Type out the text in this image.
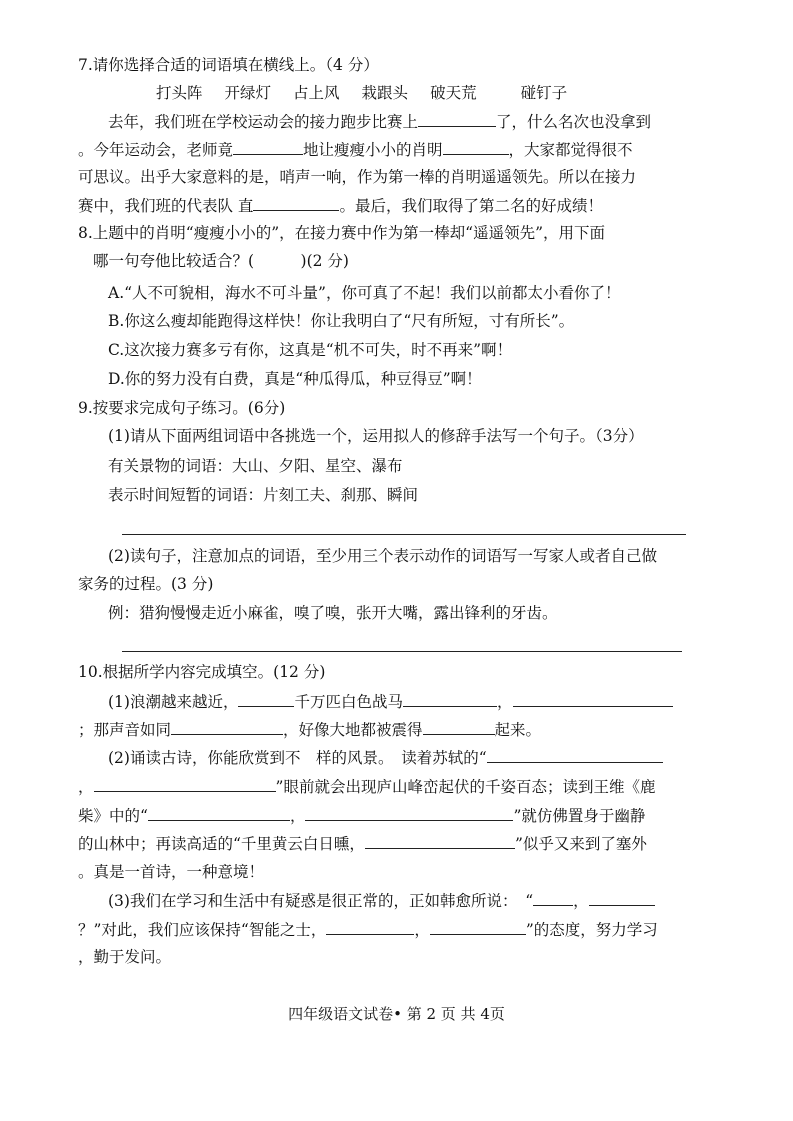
7.请你选择合适的词语填在横线上。（4 分）
打头阵 开绿灯 占上风 栽跟头 破天荒	碰钉子
去年，我们班在学校运动会的接力跑步比赛上	了，什么名次也没拿到
。今年运动会，老师竟	地让瘦瘦小小的肖明	，大家都觉得很不
可思议。出乎大家意料的是，哨声一响，作为第一棒的肖明遥遥领先。所以在接力
赛中，我们班的代表队 直	。最后，我们取得了第二名的好成绩！
8.上题中的肖明“瘦瘦小小的”，在接力赛中作为第一棒却“遥遥领先”，用下面
哪一句夸他比较适合？(　　　)(2 分)
A.“人不可貌相，海水不可斗量”，你可真了不起！我们以前都太小看你了！
B.你这么瘦却能跑得这样快！你让我明白了“尺有所短，寸有所长”。
C.这次接力赛多亏有你，这真是“机不可失，时不再来”啊！
D.你的努力没有白费，真是“种瓜得瓜，种豆得豆”啊！
9.按要求完成句子练习。(6分)
(1)请从下面两组词语中各挑选一个，运用拟人的修辞手法写一个句子。（3分）
有关景物的词语：大山、夕阳、星空、瀑布
表示时间短暂的词语：片刻工夫、刹那、瞬间
(2)读句子，注意加点的词语，至少用三个表示动作的词语写一写家人或者自己做
家务的过程。(3 分)
例：猎狗慢慢走近小麻雀，嗅了嗅，张开大嘴，露出锋利的牙齿。
10.根据所学内容完成填空。(12 分)
(1)浪潮越来越近，	千万匹白色战马	，
；那声音如同	，好像大地都被震得	起来。
(2)诵读古诗，你能欣赏到不　样的风景。　读着苏轼的“
，	”眼前就会出现庐山峰峦起伏的千姿百态；读到王维《鹿
柴》中的“	，	”就仿佛置身于幽静
的山林中；再读高适的“千里黄云白日曛，	”似乎又来到了塞外
。真是一首诗，一种意境！
(3)我们在学习和生活中有疑惑是很正常的，正如韩愈所说：　“	，
？”对此，我们应该保持“智能之士，	，	”的态度，努力学习
，勤于发问。
四年级语文试卷• 第 2 页 共 4页
